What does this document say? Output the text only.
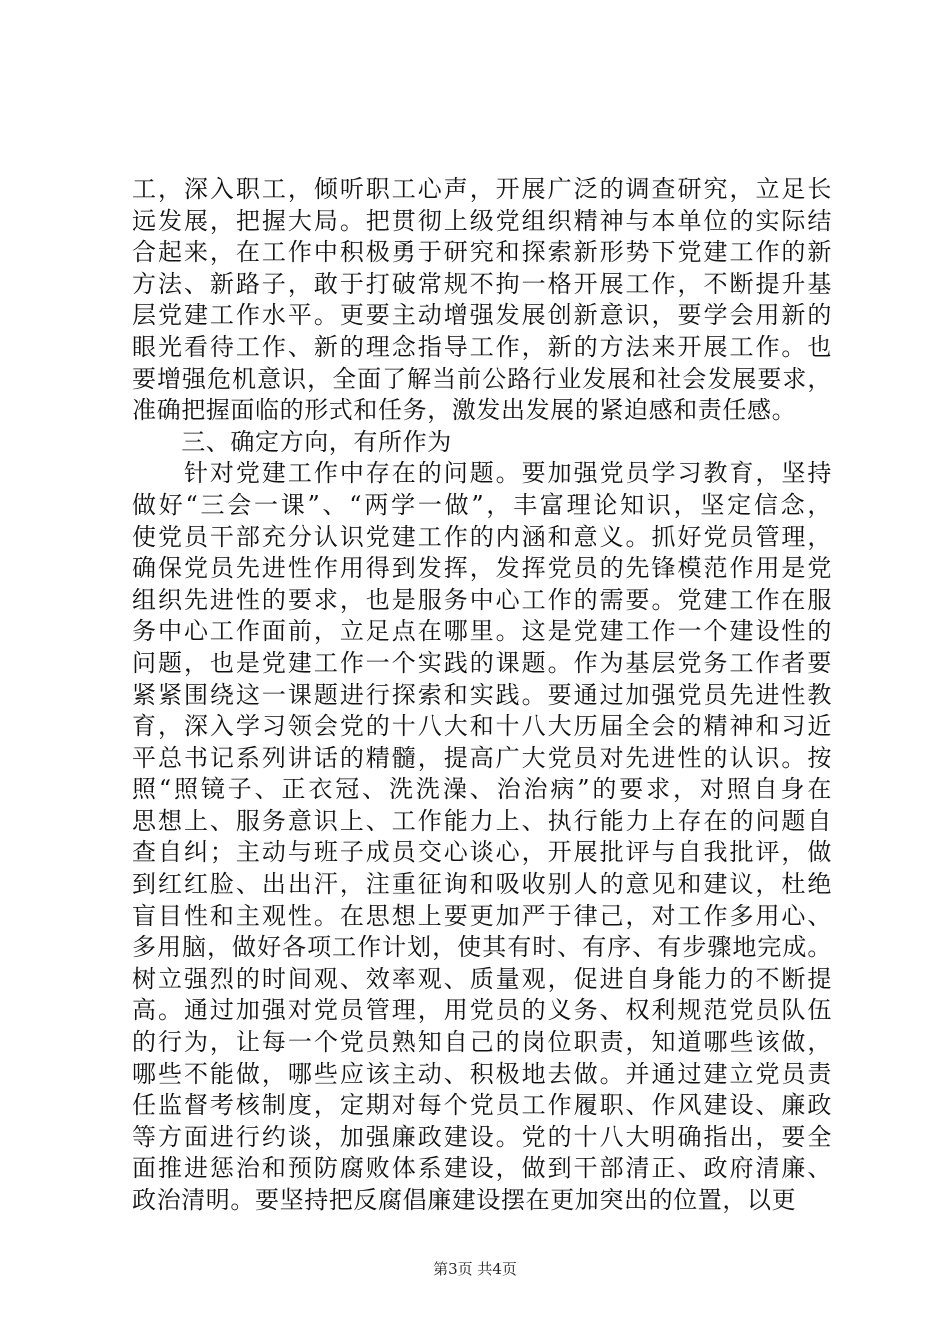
工，深入职工，倾听职工心声，开展广泛的调查研究，立足长
远发展，把握大局。把贯彻上级党组织精神与本单位的实际结
合起来，在工作中积极勇于研究和探索新形势下党建工作的新
方法、新路子，敢于打破常规不拘一格开展工作，不断提升基
层党建工作水平。更要主动增强发展创新意识，要学会用新的
眼光看待工作、新的理念指导工作，新的方法来开展工作。也
要增强危机意识，全面了解当前公路行业发展和社会发展要求，
准确把握面临的形式和任务，激发出发展的紧迫感和责任感。
　　三、确定方向，有所作为
　　针对党建工作中存在的问题。要加强党员学习教育，坚持
做好“三会一课”、“两学一做”，丰富理论知识，坚定信念，
使党员干部充分认识党建工作的内涵和意义。抓好党员管理，
确保党员先进性作用得到发挥，发挥党员的先锋模范作用是党
组织先进性的要求，也是服务中心工作的需要。党建工作在服
务中心工作面前，立足点在哪里。这是党建工作一个建设性的
问题，也是党建工作一个实践的课题。作为基层党务工作者要
紧紧围绕这一课题进行探索和实践。要通过加强党员先进性教
育，深入学习领会党的十八大和十八大历届全会的精神和习近
平总书记系列讲话的精髓，提高广大党员对先进性的认识。按
照“照镜子、正衣冠、洗洗澡、治治病”的要求，对照自身在
思想上、服务意识上、工作能力上、执行能力上存在的问题自
查自纠；主动与班子成员交心谈心，开展批评与自我批评，做
到红红脸、出出汗，注重征询和吸收别人的意见和建议，杜绝
盲目性和主观性。在思想上要更加严于律己，对工作多用心、
多用脑，做好各项工作计划，使其有时、有序、有步骤地完成。
树立强烈的时间观、效率观、质量观，促进自身能力的不断提
高。通过加强对党员管理，用党员的义务、权利规范党员队伍
的行为，让每一个党员熟知自己的岗位职责，知道哪些该做，
哪些不能做，哪些应该主动、积极地去做。并通过建立党员责
任监督考核制度，定期对每个党员工作履职、作风建设、廉政
等方面进行约谈，加强廉政建设。党的十八大明确指出，要全
面推进惩治和预防腐败体系建设，做到干部清正、政府清廉、
政治清明。要坚持把反腐倡廉建设摆在更加突出的位置，以更
第3页 共4页
